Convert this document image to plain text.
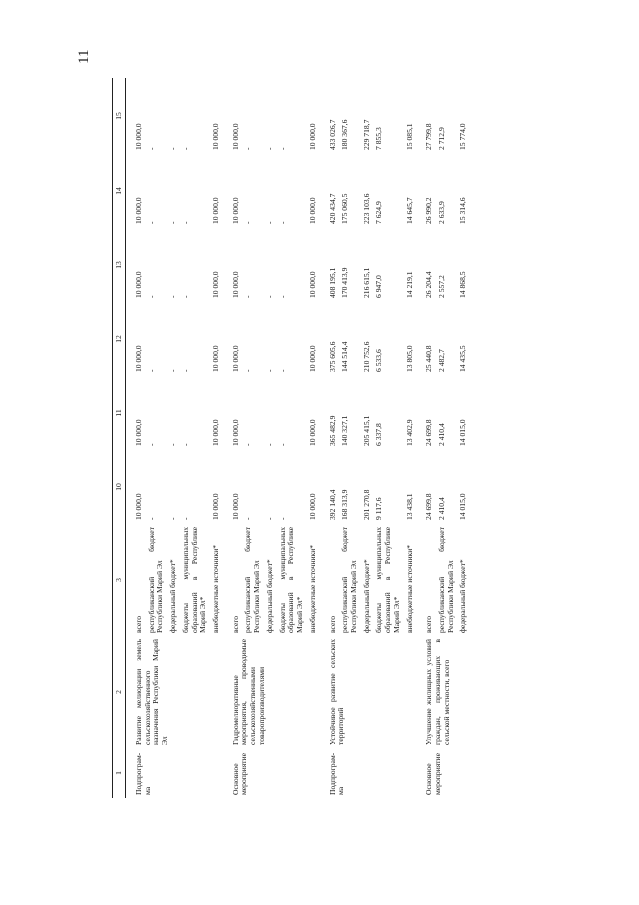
11
1	2	3	10	11	12	13	14	15
Подпрограм-ма	Развитие мелиорации земель сельскохозяйственного назначения Республики Марий Эл	всего	10 000,0	10 000,0	10 000,0	10 000,0	10 000,0	10 000,0
		республиканский бюджет Республики Марий Эл	-	-	-	-	-	-
		федеральный бюджет*	-	-	-	-	-	-
		бюджеты муниципальных образований в Республике Марий Эл*	-	-	-	-	-	-
		внебюджетные источники*	10 000,0	10 000,0	10 000,0	10 000,0	10 000,0	10 000,0
Основное мероприятие	Гидромелиоративные мероприятия, проводимые сельскохозяйственными товаропроизводителями	всего	10 000,0	10 000,0	10 000,0	10 000,0	10 000,0	10 000,0
		республиканский бюджет Республики Марий Эл	-	-	-	-	-	-
		федеральный бюджет*	-	-	-	-	-	-
		бюджеты муниципальных образований в Республике Марий Эл*	-	-	-	-	-	-
		внебюджетные источники*	10 000,0	10 000,0	10 000,0	10 000,0	10 000,0	10 000,0
Подпрограм-ма	Устойчивое развитие сельских территорий	всего	392 140,4	365 482,9	375 605,6	408 195,1	420 434,7	433 026,7
		республиканский бюджет Республики Марий Эл	168 313,9	140 327,1	144 514,4	170 413,9	175 060,5	180 367,6
		федеральный бюджет*	201 270,8	205 415,1	210 752,6	216 615,1	223 103,6	229 718,7
		бюджеты муниципальных образований в Республике Марий Эл*	9 117,6	6 337,8	6 533,6	6 947,0	7 624,9	7 855,3
		внебюджетные источники*	13 438,1	13 402,9	13 805,0	14 219,1	14 645,7	15 085,1
Основное мероприятие	Улучшение жилищных условий граждан, проживающих в сельской местности, всего	всего	24 699,8	24 699,8	25 440,8	26 204,4	26 990,2	27 799,8
		республиканский бюджет Республики Марий Эл	2 410,4	2 410,4	2 482,7	2 557,2	2 633,9	2 712,9
		федеральный бюджет*	14 015,0	14 015,0	14 435,5	14 868,5	15 314,6	15 774,0
